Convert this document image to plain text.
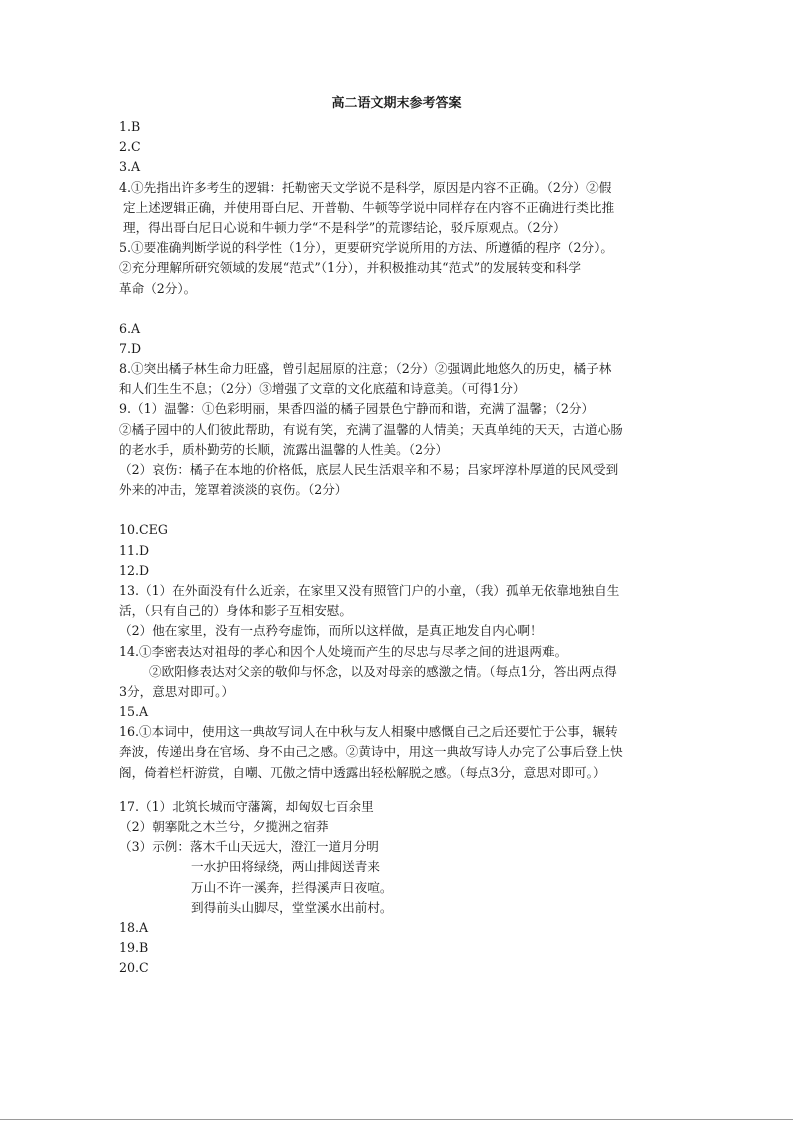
高二语文期末参考答案
1.B
2.C
3.A
4.①先指出许多考生的逻辑：托勒密天文学说不是科学，原因是内容不正确。（2分）②假
定上述逻辑正确，并使用哥白尼、开普勒、牛顿等学说中同样存在内容不正确进行类比推
理，得出哥白尼日心说和牛顿力学“不是科学”的荒谬结论，驳斥原观点。（2分）
5.①要准确判断学说的科学性（1分），更要研究学说所用的方法、所遵循的程序（2分）。
②充分理解所研究领域的发展“范式”（1分），并积极推动其“范式”的发展转变和科学
革命（2分）。
6.A
7.D
8.①突出橘子林生命力旺盛，曾引起屈原的注意；（2分）②强调此地悠久的历史，橘子林
和人们生生不息；（2分）③增强了文章的文化底蕴和诗意美。（可得1分）
9.（1）温馨：①色彩明丽，果香四溢的橘子园景色宁静而和谐，充满了温馨；（2分）
②橘子园中的人们彼此帮助，有说有笑，充满了温馨的人情美；天真单纯的天天，古道心肠
的老水手，质朴勤劳的长顺，流露出温馨的人性美。（2分）
（2）哀伤：橘子在本地的价格低，底层人民生活艰辛和不易；吕家坪淳朴厚道的民风受到
外来的冲击，笼罩着淡淡的哀伤。（2分）
10.CEG
11.D
12.D
13.（1）在外面没有什么近亲，在家里又没有照管门户的小童，（我）孤单无依靠地独自生
活，（只有自己的）身体和影子互相安慰。
（2）他在家里，没有一点矜夸虚饰，而所以这样做，是真正地发自内心啊！
14.①李密表达对祖母的孝心和因个人处境而产生的尽忠与尽孝之间的进退两难。
②欧阳修表达对父亲的敬仰与怀念，以及对母亲的感激之情。（每点1分，答出两点得
3分，意思对即可。）
15.A
16.①本词中，使用这一典故写词人在中秋与友人相聚中感慨自己之后还要忙于公事，辗转
奔波，传递出身在官场、身不由己之感。②黄诗中，用这一典故写诗人办完了公事后登上快
阁，倚着栏杆游赏，自嘲、兀傲之情中透露出轻松解脱之感。（每点3分，意思对即可。）
17.（1）北筑长城而守藩篱，却匈奴七百余里
（2）朝搴阰之木兰兮，夕揽洲之宿莽
（3）示例：落木千山天远大，澄江一道月分明
一水护田将绿绕，两山排闼送青来
万山不许一溪奔，拦得溪声日夜喧。
到得前头山脚尽，堂堂溪水出前村。
18.A
19.B
20.C
